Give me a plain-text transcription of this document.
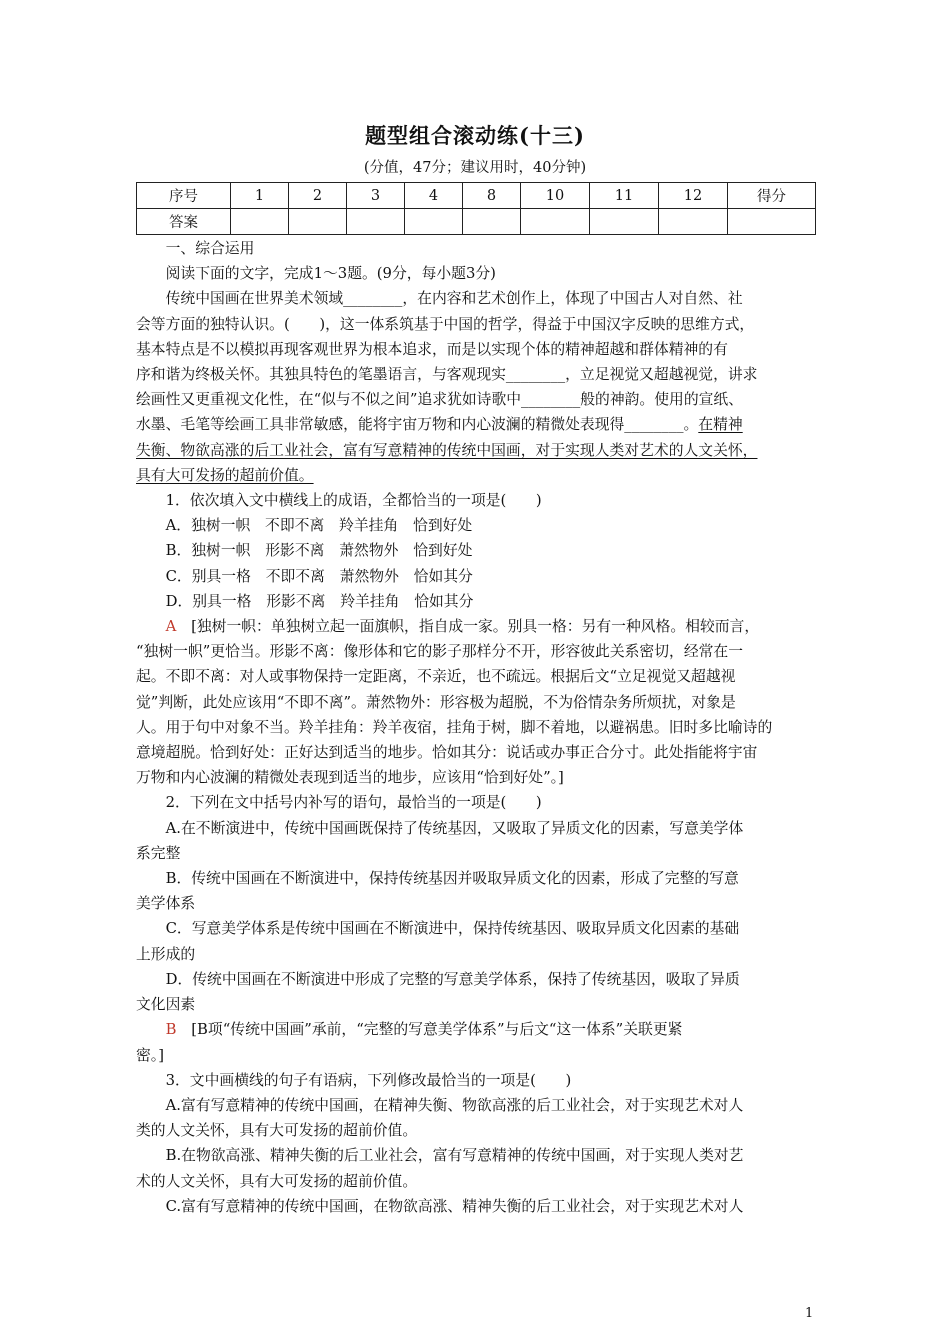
题型组合滚动练(十三)
(分值，47分；建议用时，40分钟)
序号	1	2	3	4	8	10	11	12	得分
答案									

一、综合运用

阅读下面的文字，完成1～3题。(9分，每小题3分)

传统中国画在世界美术领域________，在内容和艺术创作上，体现了中国古人对自然、社

会等方面的独特认识。(　　)，这一体系筑基于中国的哲学，得益于中国汉字反映的思维方式，

基本特点是不以模拟再现客观世界为根本追求，而是以实现个体的精神超越和群体精神的有

序和谐为终极关怀。其独具特色的笔墨语言，与客观现实________，立足视觉又超越视觉，讲求

绘画性又更重视文化性，在“似与不似之间”追求犹如诗歌中________般的神韵。使用的宣纸、

水墨、毛笔等绘画工具非常敏感，能将宇宙万物和内心波澜的精微处表现得________。在精神

失衡、物欲高涨的后工业社会，富有写意精神的传统中国画，对于实现人类对艺术的人文关怀，

具有大可发扬的超前价值。

1．依次填入文中横线上的成语，全都恰当的一项是(　　)

A．独树一帜　不即不离　羚羊挂角　恰到好处

B．独树一帜　形影不离　萧然物外　恰到好处

C．别具一格　不即不离　萧然物外　恰如其分

D．别具一格　形影不离　羚羊挂角　恰如其分

A　 [独树一帜：单独树立起一面旗帜，指自成一家。别具一格：另有一种风格。相较而言，

“独树一帜”更恰当。形影不离：像形体和它的影子那样分不开，形容彼此关系密切，经常在一

起。不即不离：对人或事物保持一定距离，不亲近，也不疏远。根据后文“立足视觉又超越视

觉”判断，此处应该用“不即不离”。萧然物外：形容极为超脱，不为俗情杂务所烦扰，对象是

人。用于句中对象不当。羚羊挂角：羚羊夜宿，挂角于树，脚不着地，以避祸患。旧时多比喻诗的

意境超脱。恰到好处：正好达到适当的地步。恰如其分：说话或办事正合分寸。此处指能将宇宙

万物和内心波澜的精微处表现到适当的地步，应该用“恰到好处”。]

2．下列在文中括号内补写的语句，最恰当的一项是(　　)

A.在不断演进中，传统中国画既保持了传统基因，又吸取了异质文化的因素，写意美学体

系完整

B．传统中国画在不断演进中，保持传统基因并吸取异质文化的因素，形成了完整的写意

美学体系

C．写意美学体系是传统中国画在不断演进中，保持传统基因、吸取异质文化因素的基础

上形成的

D．传统中国画在不断演进中形成了完整的写意美学体系，保持了传统基因，吸取了异质

文化因素

B　 [B项“传统中国画”承前，“完整的写意美学体系”与后文“这一体系”关联更紧

密。]

3．文中画横线的句子有语病，下列修改最恰当的一项是(　　)

A.富有写意精神的传统中国画，在精神失衡、物欲高涨的后工业社会，对于实现艺术对人

类的人文关怀，具有大可发扬的超前价值。

B.在物欲高涨、精神失衡的后工业社会，富有写意精神的传统中国画，对于实现人类对艺

术的人文关怀，具有大可发扬的超前价值。

C.富有写意精神的传统中国画，在物欲高涨、精神失衡的后工业社会，对于实现艺术对人

1
